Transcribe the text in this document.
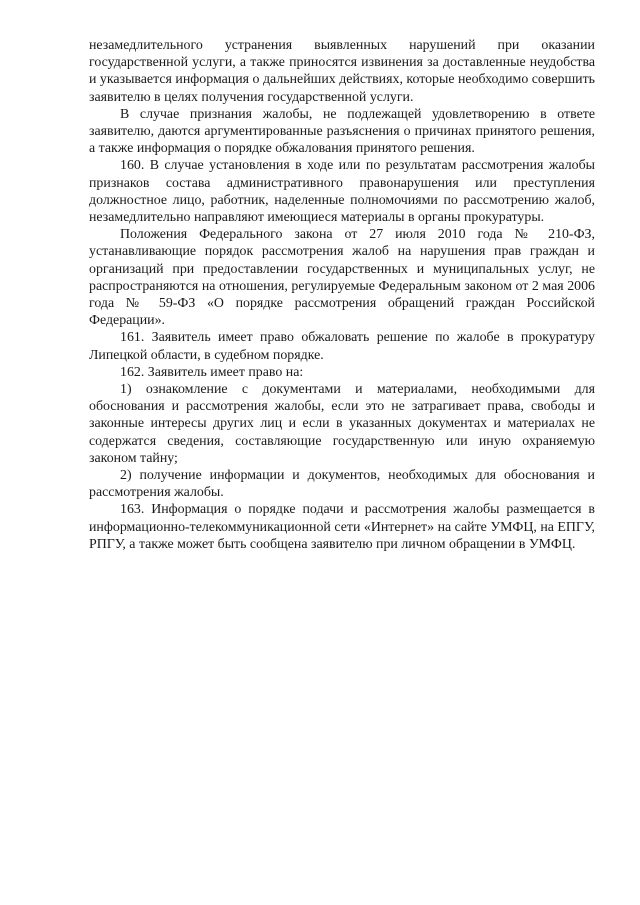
незамедлительного устранения выявленных нарушений при оказании государственной услуги, а также приносятся извинения за доставленные неудобства и указывается информация о дальнейших действиях, которые необходимо совершить заявителю в целях получения государственной услуги.

В случае признания жалобы, не подлежащей удовлетворению в ответе заявителю, даются аргументированные разъяснения о причинах принятого решения, а также информация о порядке обжалования принятого решения.

160. В случае установления в ходе или по результатам рассмотрения жалобы признаков состава административного правонарушения или преступления должностное лицо, работник, наделенные полномочиями по рассмотрению жалоб, незамедлительно направляют имеющиеся материалы в органы прокуратуры.

Положения Федерального закона от 27 июля 2010 года № 210-ФЗ, устанавливающие порядок рассмотрения жалоб на нарушения прав граждан и организаций при предоставлении государственных и муниципальных услуг, не распространяются на отношения, регулируемые Федеральным законом от 2 мая 2006 года № 59-ФЗ «О порядке рассмотрения обращений граждан Российской Федерации».

161. Заявитель имеет право обжаловать решение по жалобе в прокуратуру Липецкой области, в судебном порядке.

162. Заявитель имеет право на:

1) ознакомление с документами и материалами, необходимыми для обоснования и рассмотрения жалобы, если это не затрагивает права, свободы и законные интересы других лиц и если в указанных документах и материалах не содержатся сведения, составляющие государственную или иную охраняемую законом тайну;

2) получение информации и документов, необходимых для обоснования и рассмотрения жалобы.

163. Информация о порядке подачи и рассмотрения жалобы размещается в информационно-телекоммуникационной сети «Интернет» на сайте УМФЦ, на ЕПГУ, РПГУ, а также может быть сообщена заявителю при личном обращении в УМФЦ.
